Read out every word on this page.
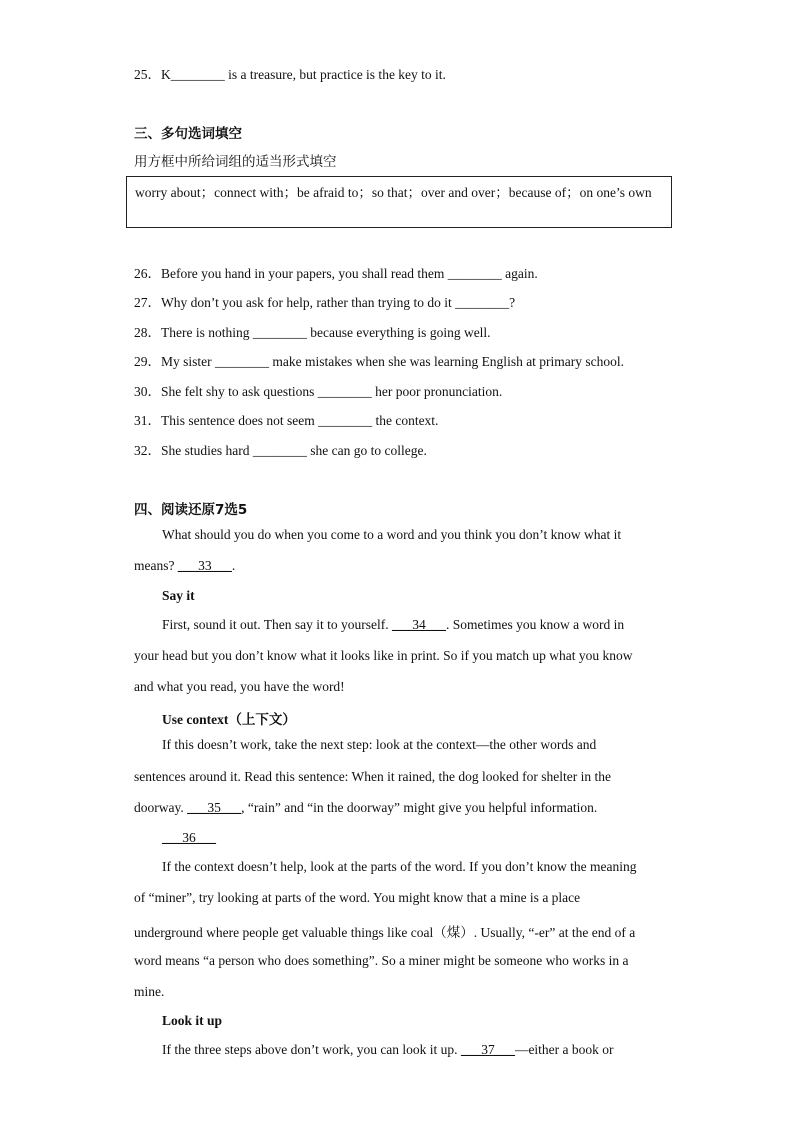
25．K________ is a treasure, but practice is the key to it.
三、多句选词填空
用方框中所给词组的适当形式填空
worry about；connect with；be afraid to；so that；over and over；because of；on one’s own
26．Before you hand in your papers, you shall read them ________ again.
27．Why don’t you ask for help, rather than trying to do it ________?
28．There is nothing ________ because everything is going well.
29．My sister ________ make mistakes when she was learning English at primary school.
30．She felt shy to ask questions ________ her poor pronunciation.
31．This sentence does not seem ________ the context.
32．She studies hard ________ she can go to college.
四、阅读还原7选5
What should you do when you come to a word and you think you don’t know what it
means? ___33___.
Say it
First, sound it out. Then say it to yourself. ___34___. Sometimes you know a word in
your head but you don’t know what it looks like in print. So if you match up what you know
and what you read, you have the word!
Use context（上下文）
If this doesn’t work, take the next step: look at the context—the other words and
sentences around it. Read this sentence: When it rained, the dog looked for shelter in the
doorway. ___35___, “rain” and “in the doorway” might give you helpful information.
___36___
If the context doesn’t help, look at the parts of the word. If you don’t know the meaning
of “miner”, try looking at parts of the word. You might know that a mine is a place
underground where people get valuable things like coal（煤）. Usually, “-er” at the end of a
word means “a person who does something”. So a miner might be someone who works in a
mine.
Look it up
If the three steps above don’t work, you can look it up. ___37___—either a book or
